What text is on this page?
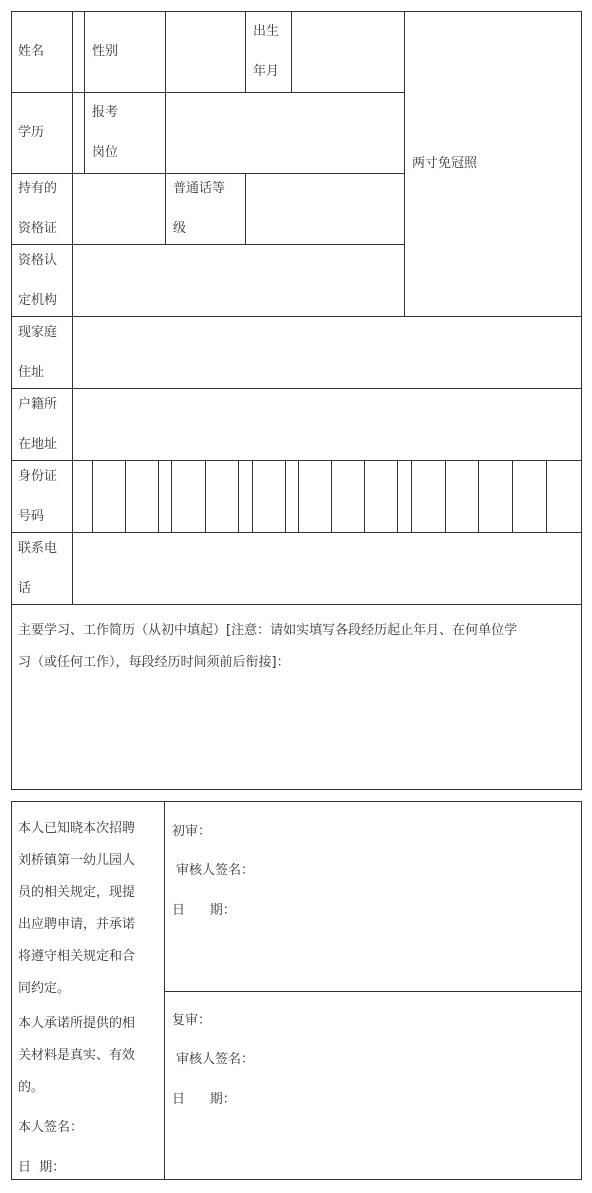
姓名	性别
出生
年月
学历
报考
岗位
两寸免冠照
持有的
资格证
普通话等
级
资格认
定机构
现家庭
住址
户籍所
在地址
身份证
号码
联系电
话
主要学习、工作简历（从初中填起）[注意：请如实填写各段经历起止年月、在何单位学
习（或任何工作），每段经历时间须前后衔接]：
本人已知晓本次招聘
刘桥镇第一幼儿园人
员的相关规定，现提
出应聘申请，并承诺
将遵守相关规定和合
同约定。
本人承诺所提供的相
关材料是真实、有效
的。
本人签名：
日  期：
初审：
审核人签名：
日      期：
复审：
审核人签名：
日      期：
